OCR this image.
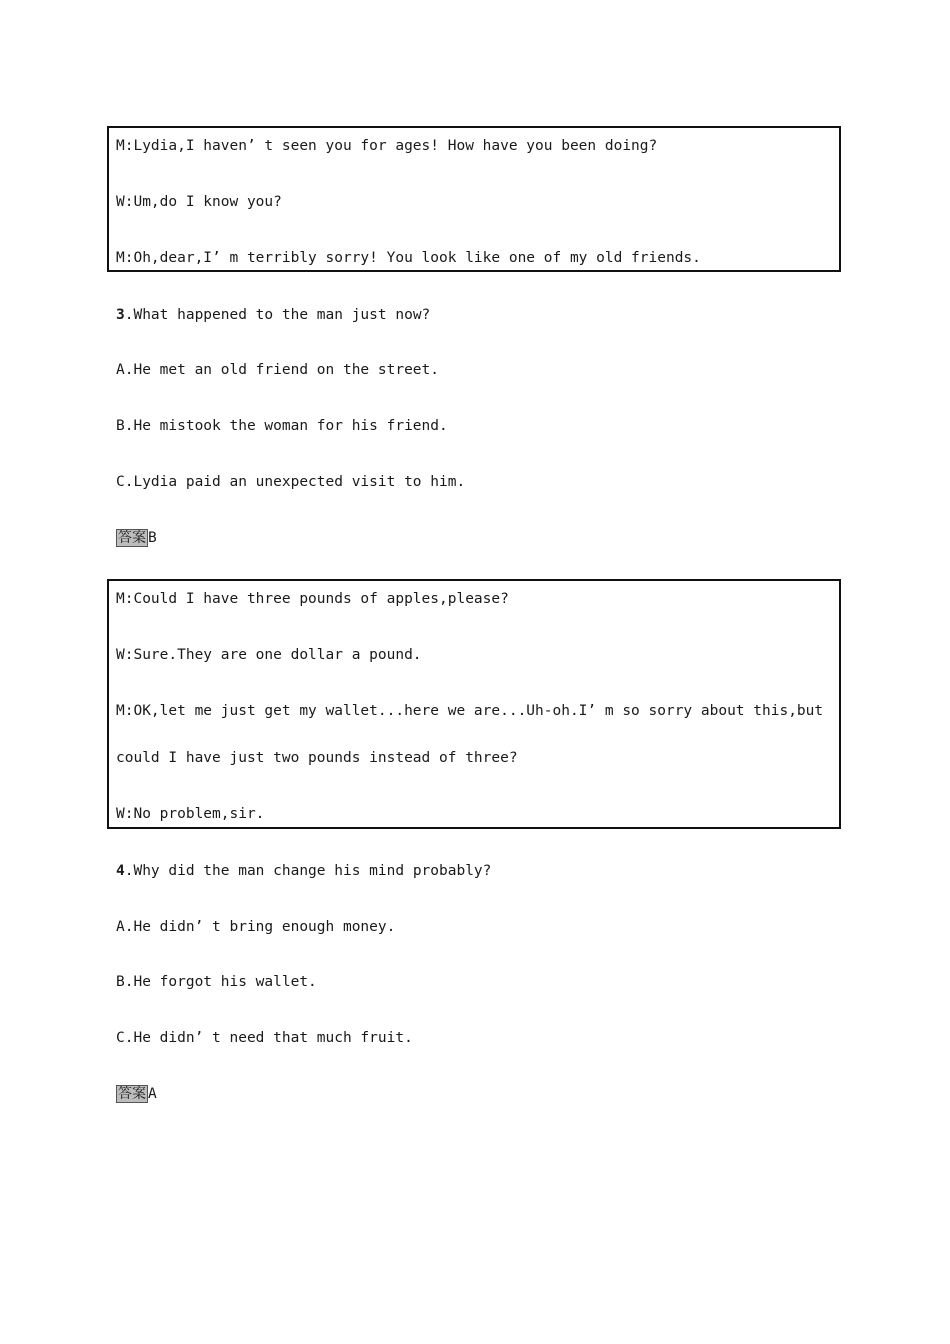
M:Lydia,I haven’ t seen you for ages! How have you been doing?
W:Um,do I know you?
M:Oh,dear,I’ m terribly sorry! You look like one of my old friends.
3.What happened to the man just now?
A.He met an old friend on the street.
B.He mistook the woman for his friend.
C.Lydia paid an unexpected visit to him.
答案 B
M:Could I have three pounds of apples,please?
W:Sure.They are one dollar a pound.
M:OK,let me just get my wallet...here we are...Uh-oh.I’ m so sorry about this,but
could I have just two pounds instead of three?
W:No problem,sir.
4.Why did the man change his mind probably?
A.He didn’ t bring enough money.
B.He forgot his wallet.
C.He didn’ t need that much fruit.
答案 A
